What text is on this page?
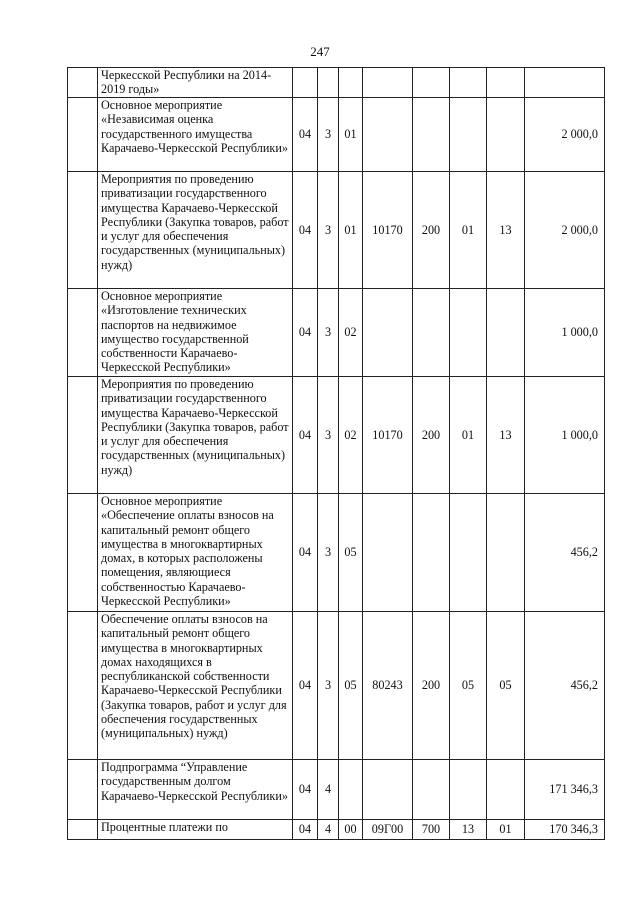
247
	Черкесской Республики на 2014-2019 годы»								
	Основное мероприятие «Независимая оценка государственного имущества Карачаево-Черкесской Республики»	04	3	01					2 000,0
	Мероприятия по проведению приватизации государственного имущества Карачаево-Черкесской Республики (Закупка товаров, работ и услуг для обеспечения государственных (муниципальных) нужд)	04	3	01	10170	200	01	13	2 000,0
	Основное мероприятие «Изготовление технических паспортов на недвижимое имущество государственной собственности Карачаево-Черкесской Республики»	04	3	02					1 000,0
	Мероприятия по проведению приватизации государственного имущества Карачаево-Черкесской Республики (Закупка товаров, работ и услуг для обеспечения государственных (муниципальных) нужд)	04	3	02	10170	200	01	13	1 000,0
	Основное мероприятие «Обеспечение оплаты взносов на капитальный ремонт общего имущества в многоквартирных домах, в которых расположены помещения, являющиеся собственностью Карачаево-Черкесской Республики»	04	3	05					456,2
	Обеспечение оплаты взносов на капитальный ремонт общего имущества в многоквартирных домах находящихся в республиканской собственности Карачаево-Черкесской Республики (Закупка товаров, работ и услуг для обеспечения государственных (муниципальных) нужд)	04	3	05	80243	200	05	05	456,2
	Подпрограмма “Управление государственным долгом Карачаево-Черкесской Республики»	04	4						171 346,3
	Процентные платежи по	04	4	00	09Г00	700	13	01	170 346,3
